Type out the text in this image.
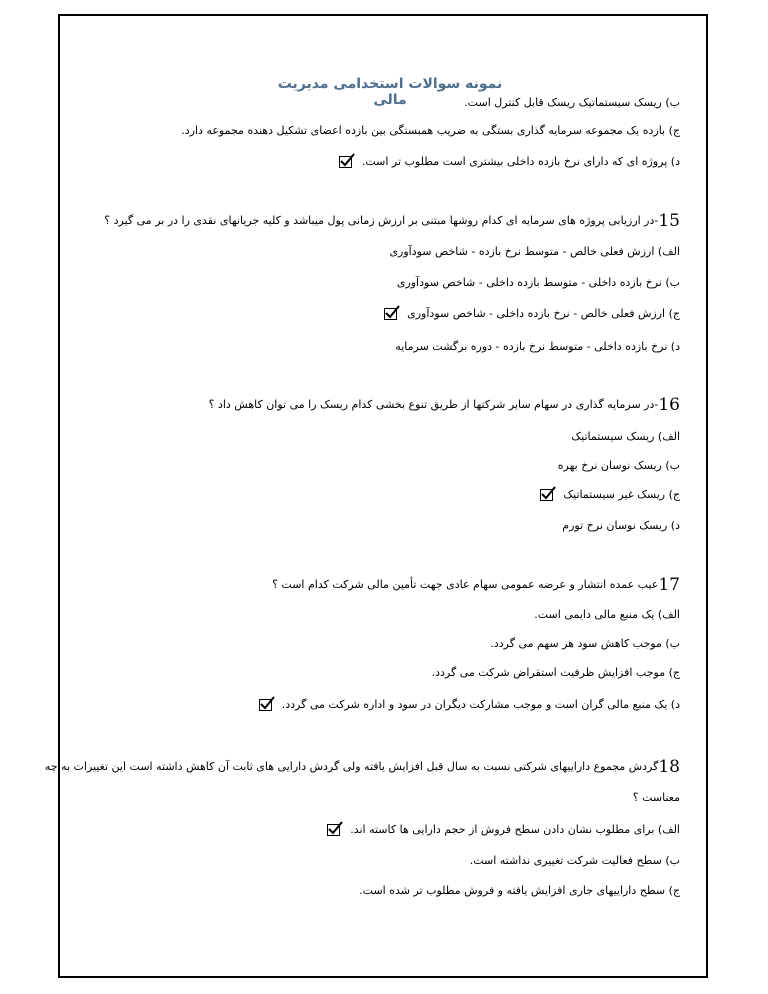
نمونه سوالات استخدامی مدیریت مالی	ب) ریسک سیستماتیک ریسک قابل کنترل است.
ج) بازده یک مجموعه سرمایه گذاری بستگی به ضریب همبستگی بین بازده اعضای تشکیل دهنده مجموعه دارد.
د) پروژه ای که دارای نرخ بازده داخلی بیشتری است مطلوب تر است.
15-در ارزیابی پروژه های سرمایه ای کدام روشها مبتنی بر ارزش زمانی پول میباشد و کلیه جریانهای نقدی را در بر می گیرد ؟
الف) ارزش فعلی خالص - متوسط نرخ بازده - شاخص سودآوری
ب) نرخ بازده داخلی - متوسط بازده داخلی - شاخص سودآوری
ج) ارزش فعلی خالص - نرخ بازده داخلی - شاخص سودآوری
د) نرخ بازده داخلی - متوسط نرخ بازده - دوره برگشت سرمایه
16-در سرمایه گذاری در سهام سایر شرکتها از طریق تنوع بخشی کدام ریسک را می توان کاهش داد ؟
الف) ریسک سیستماتیک
ب) ریسک نوسان نرخ بهره
ج) ریسک غیر سیستماتیک
د) ریسک نوسان نرخ تورم
17عیب عمده انتشار و عرضه عمومی سهام عادی جهت تأمین مالی شرکت کدام است ؟
الف) یک منبع مالی دایمی است.
ب) موجب کاهش سود هر سهم می گردد.
ج) موجب افزایش ظرفیت استقراض شرکت می گردد.
د) یک منبع مالی گران است و موجب مشارکت دیگران در سود و اداره شرکت می گردد.
18گردش مجموع داراییهای شرکتی نسبت به سال قبل افزایش یافته ولی گردش دارایی های ثابت آن کاهش داشته است این تغییرات به چه
معناست ؟
الف) برای مطلوب نشان دادن سطح فروش از حجم دارایی ها کاسته اند.
ب) سطح فعالیت شرکت تغییری نداشته است.
ج) سطح داراییهای جاری افزایش یافته و فروش مطلوب تر شده است.
